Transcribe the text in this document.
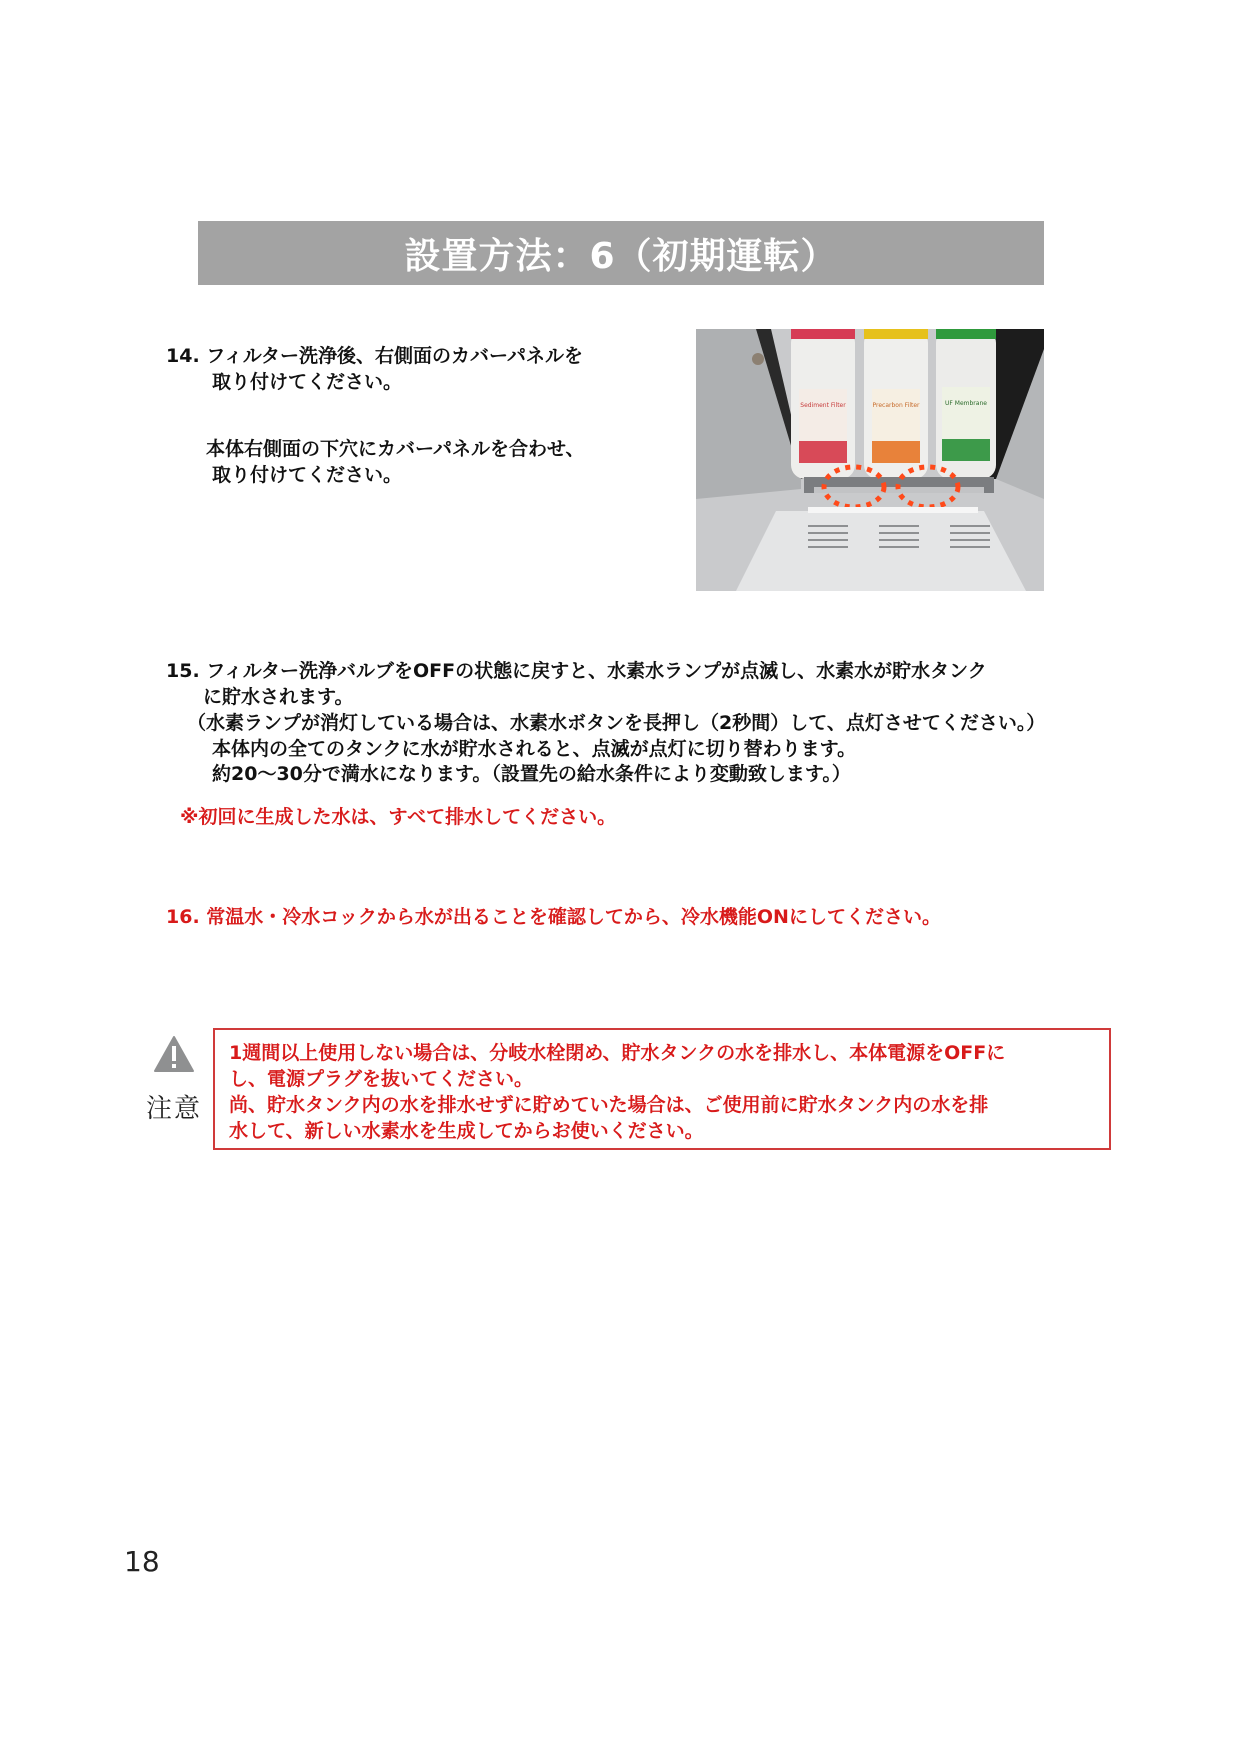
設置方法：6（初期運転）
14. フィルター洗浄後、右側面のカバーパネルを
取り付けてください。
本体右側面の下穴にカバーパネルを合わせ、
取り付けてください。
Sediment Filter	Precarbon Filter	UF Membrane
15. フィルター洗浄バルブをOFFの状態に戻すと、水素水ランプが点滅し、水素水が貯水タンク
に貯水されます。
（水素ランプが消灯している場合は、水素水ボタンを長押し（2秒間）して、点灯させてください。）
本体内の全てのタンクに水が貯水されると、点滅が点灯に切り替わります。
約20〜30分で満水になります。（設置先の給水条件により変動致します。）
※初回に生成した水は、すべて排水してください。
16. 常温水・冷水コックから水が出ることを確認してから、冷水機能ONにしてください。
注意
1週間以上使用しない場合は、分岐水栓閉め、貯水タンクの水を排水し、本体電源をOFFに
し、電源プラグを抜いてください。
尚、貯水タンク内の水を排水せずに貯めていた場合は、ご使用前に貯水タンク内の水を排
水して、新しい水素水を生成してからお使いください。
18
